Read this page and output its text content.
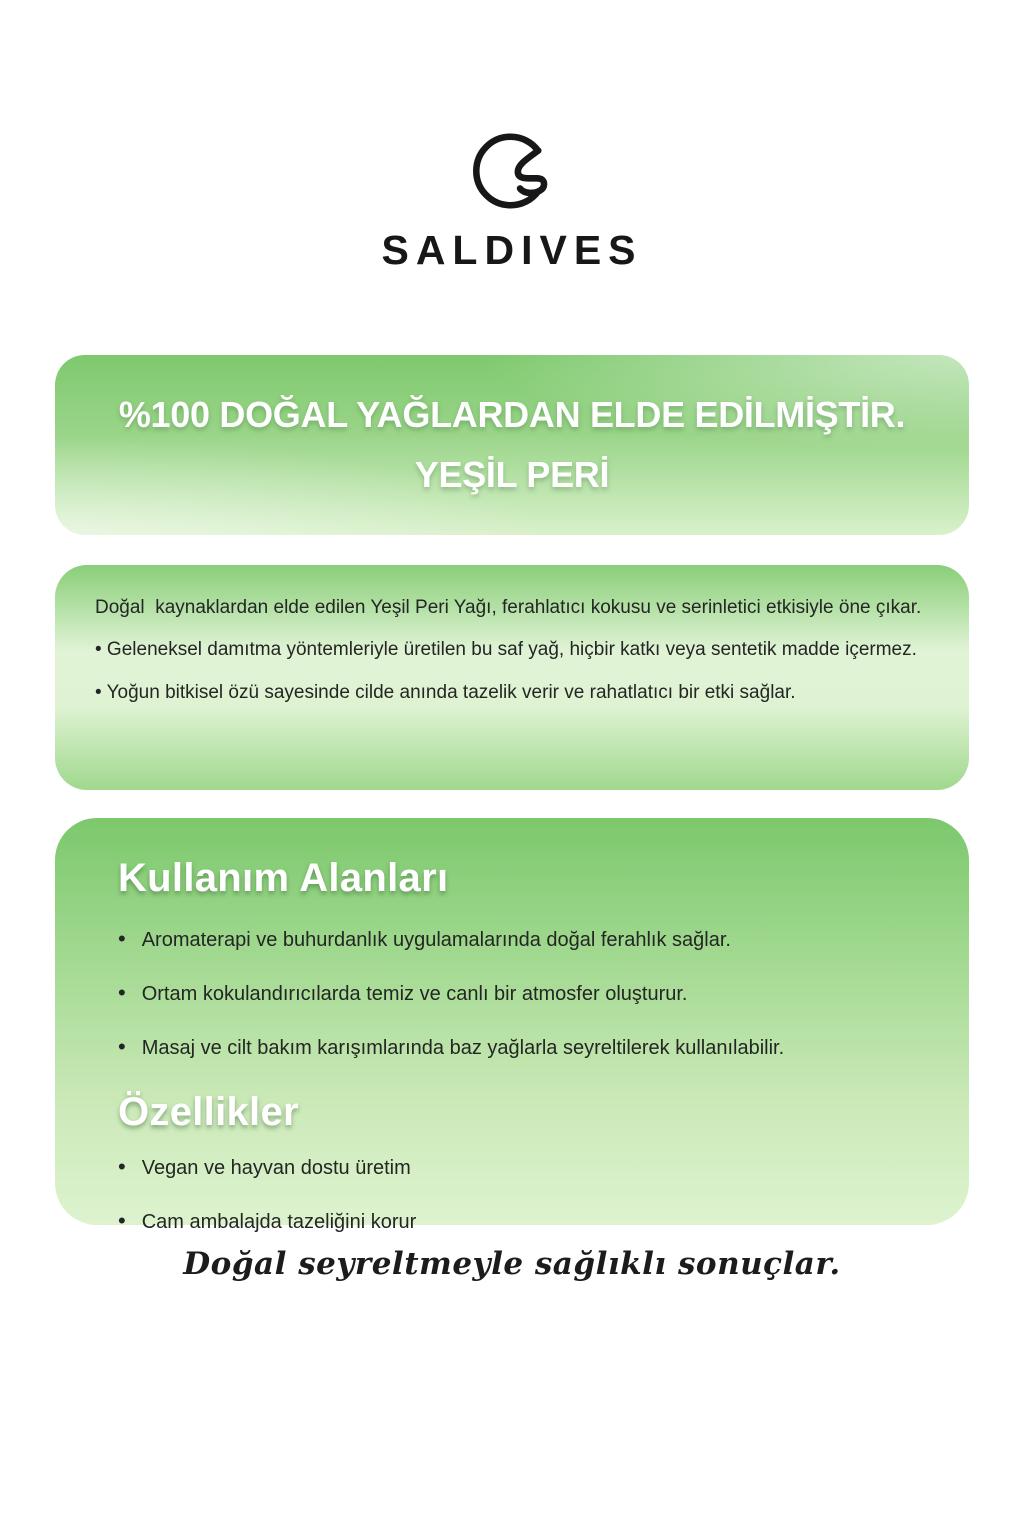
SALDIVES
%100 DOĞAL YAĞLARDAN ELDE EDİLMİŞTİR.
YEŞİL PERİ

Doğal  kaynaklardan elde edilen Yeşil Peri Yağı, ferahlatıcı kokusu ve serinletici etkisiyle öne çıkar.

• Geleneksel damıtma yöntemleriyle üretilen bu saf yağ, hiçbir katkı veya sentetik madde içermez.

• Yoğun bitkisel özü sayesinde cilde anında tazelik verir ve rahatlatıcı bir etki sağlar.

Kullanım Alanları
• Aromaterapi ve buhurdanlık uygulamalarında doğal ferahlık sağlar.
• Ortam kokulandırıcılarda temiz ve canlı bir atmosfer oluşturur.
• Masaj ve cilt bakım karışımlarında baz yağlarla seyreltilerek kullanılabilir.
Özellikler
• Vegan ve hayvan dostu üretim
• Cam ambalajda tazeliğini korur
Doğal seyreltmeyle sağlıklı sonuçlar.
